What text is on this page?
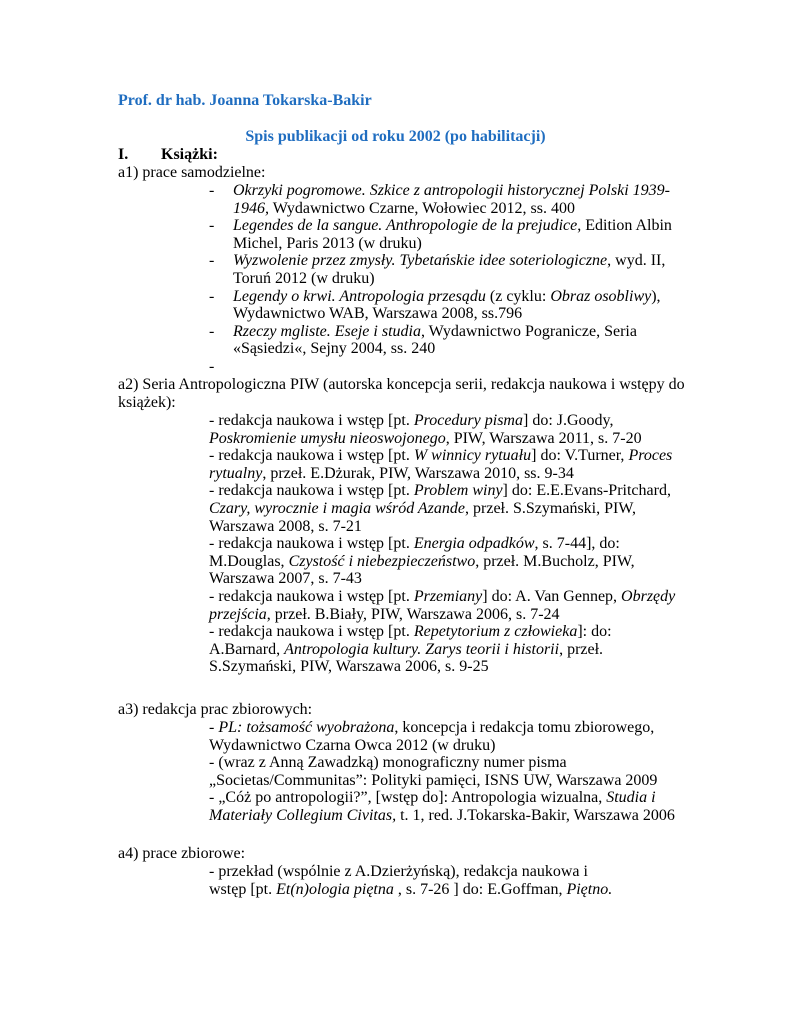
Prof. dr hab. Joanna Tokarska-Bakir
Spis publikacji od roku 2002 (po habilitacji)
I. Książki:
a1) prace samodzielne:
- Okrzyki pogromowe. Szkice z antropologii historycznej Polski 1939-
1946, Wydawnictwo Czarne, Wołowiec 2012, ss. 400
- Legendes de la sangue. Anthropologie de la prejudice, Edition Albin
Michel, Paris 2013 (w druku)
- Wyzwolenie przez zmysły. Tybetańskie idee soteriologiczne, wyd. II,
Toruń 2012 (w druku)
- Legendy o krwi. Antropologia przesądu (z cyklu: Obraz osobliwy),
Wydawnictwo WAB, Warszawa 2008, ss.796
- Rzeczy mgliste. Eseje i studia, Wydawnictwo Pogranicze, Seria
«Sąsiedzi«, Sejny 2004, ss. 240
-
a2) Seria Antropologiczna PIW (autorska koncepcja serii, redakcja naukowa i wstępy do
książek):
- redakcja naukowa i wstęp [pt. Procedury pisma] do: J.Goody,
Poskromienie umysłu nieoswojonego, PIW, Warszawa 2011, s. 7-20
- redakcja naukowa i wstęp [pt. W winnicy rytuału] do: V.Turner, Proces
rytualny, przeł. E.Dżurak, PIW, Warszawa 2010, ss. 9-34
- redakcja naukowa i wstęp [pt. Problem winy] do: E.E.Evans-Pritchard,
Czary, wyrocznie i magia wśród Azande, przeł. S.Szymański, PIW,
Warszawa 2008, s. 7-21
- redakcja naukowa i wstęp [pt. Energia odpadków, s. 7-44], do:
M.Douglas, Czystość i niebezpieczeństwo, przeł. M.Bucholz, PIW,
Warszawa 2007, s. 7-43
- redakcja naukowa i wstęp [pt. Przemiany] do: A. Van Gennep, Obrzędy
przejścia, przeł. B.Biały, PIW, Warszawa 2006, s. 7-24
- redakcja naukowa i wstęp [pt. Repetytorium z człowieka]: do:
A.Barnard, Antropologia kultury. Zarys teorii i historii, przeł.
S.Szymański, PIW, Warszawa 2006, s. 9-25
a3) redakcja prac zbiorowych:
- PL: tożsamość wyobrażona, koncepcja i redakcja tomu zbiorowego,
Wydawnictwo Czarna Owca 2012 (w druku)
- (wraz z Anną Zawadzką) monograficzny numer pisma
„Societas/Communitas”: Polityki pamięci, ISNS UW, Warszawa 2009
- „Cóż po antropologii?”, [wstęp do]: Antropologia wizualna, Studia i
Materiały Collegium Civitas, t. 1, red. J.Tokarska-Bakir, Warszawa 2006
a4) prace zbiorowe:
- przekład (wspólnie z A.Dzierżyńską), redakcja naukowa i
wstęp [pt. Et(n)ologia piętna , s. 7-26 ] do: E.Goffman, Piętno.
